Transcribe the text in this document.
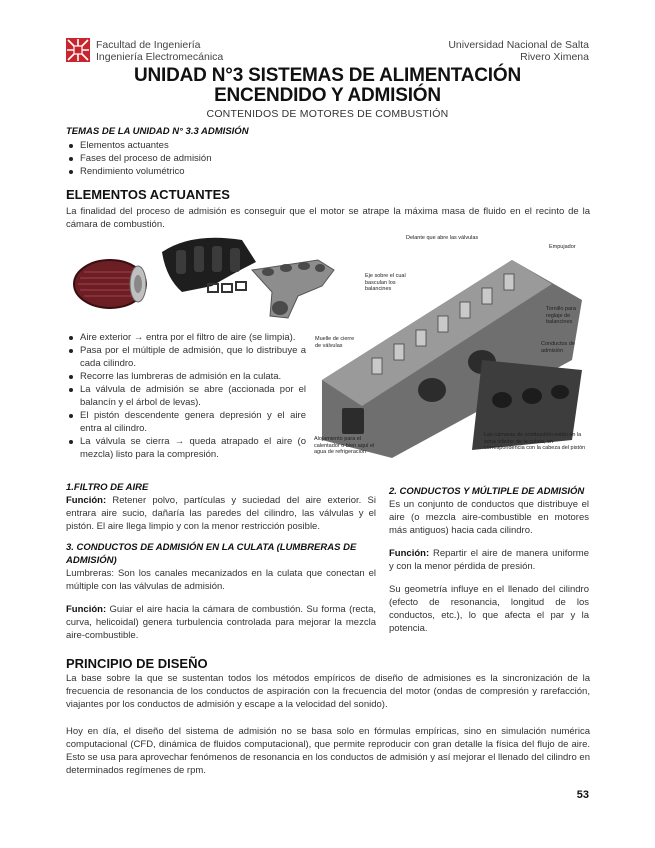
Facultad de Ingeniería
Ingeniería Electromecánica
Universidad Nacional de Salta
Rivero Ximena
UNIDAD N°3 SISTEMAS DE ALIMENTACIÓN
ENCENDIDO Y ADMISIÓN
CONTENIDOS DE MOTORES DE COMBUSTIÓN
TEMAS DE LA UNIDAD N° 3.3 ADMISIÓN
Elementos actuantes
Fases del proceso de admisión
Rendimiento volumétrico
ELEMENTOS ACTUANTES
La finalidad del proceso de admisión es conseguir que el motor se atrape la máxima masa de fluido en el recinto de la cámara de combustión.
Delante que abre las válvulas
Empujador
Eje sobre el cual basculan los balancines
Tornillo para reglaje de balancines
Conductos de admisión
Muelle de cierre de válvulas
Alojamiento para el calentador o bien aquí el agua de refrigeración
Las cámaras de combustión están en la zona inferior de la culata, en correspondencia con la cabeza del pistón
Aire exterior → entra por el filtro de aire (se limpia).
Pasa por el múltiple de admisión, que lo distribuye a cada cilindro.
Recorre las lumbreras de admisión en la culata.
La válvula de admisión se abre (accionada por el balancín y el árbol de levas).
El pistón descendente genera depresión y el aire entra al cilindro.
La válvula se cierra → queda atrapado el aire (o mezcla) listo para la compresión.
1.FILTRO DE AIRE
Función: Retener polvo, partículas y suciedad del aire exterior. Si entrara aire sucio, dañaría las paredes del cilindro, las válvulas y el pistón. El aire llega limpio y con la menor restricción posible.
3. CONDUCTOS DE ADMISIÓN EN LA CULATA (LUMBRERAS DE ADMISIÓN)
Lumbreras: Son los canales mecanizados en la culata que conectan el múltiple con las válvulas de admisión.
Función: Guiar el aire hacia la cámara de combustión. Su forma (recta, curva, helicoidal) genera turbulencia controlada para mejorar la mezcla aire-combustible.
2. CONDUCTOS Y MÚLTIPLE DE ADMISIÓN
Es un conjunto de conductos que distribuye el aire (o mezcla aire-combustible en motores más antiguos) hacia cada cilindro.
Función: Repartir el aire de manera uniforme y con la menor pérdida de presión.
Su geometría influye en el llenado del cilindro (efecto de resonancia, longitud de los conductos, etc.), lo que afecta el par y la potencia.
PRINCIPIO DE DISEÑO
La base sobre la que se sustentan todos los métodos empíricos de diseño de admisiones es la sincronización de la frecuencia de resonancia de los conductos de aspiración con la frecuencia del motor (ondas de compresión y rarefacción, viajantes por los conductos de admisión y escape a la velocidad del sonido).
Hoy en día, el diseño del sistema de admisión no se basa solo en fórmulas empíricas, sino en simulación numérica computacional (CFD, dinámica de fluidos computacional), que permite reproducir con gran detalle la física del flujo de aire. Esto se usa para aprovechar fenómenos de resonancia en los conductos de admisión y así mejorar el llenado del cilindro en determinados regímenes de rpm.
53
